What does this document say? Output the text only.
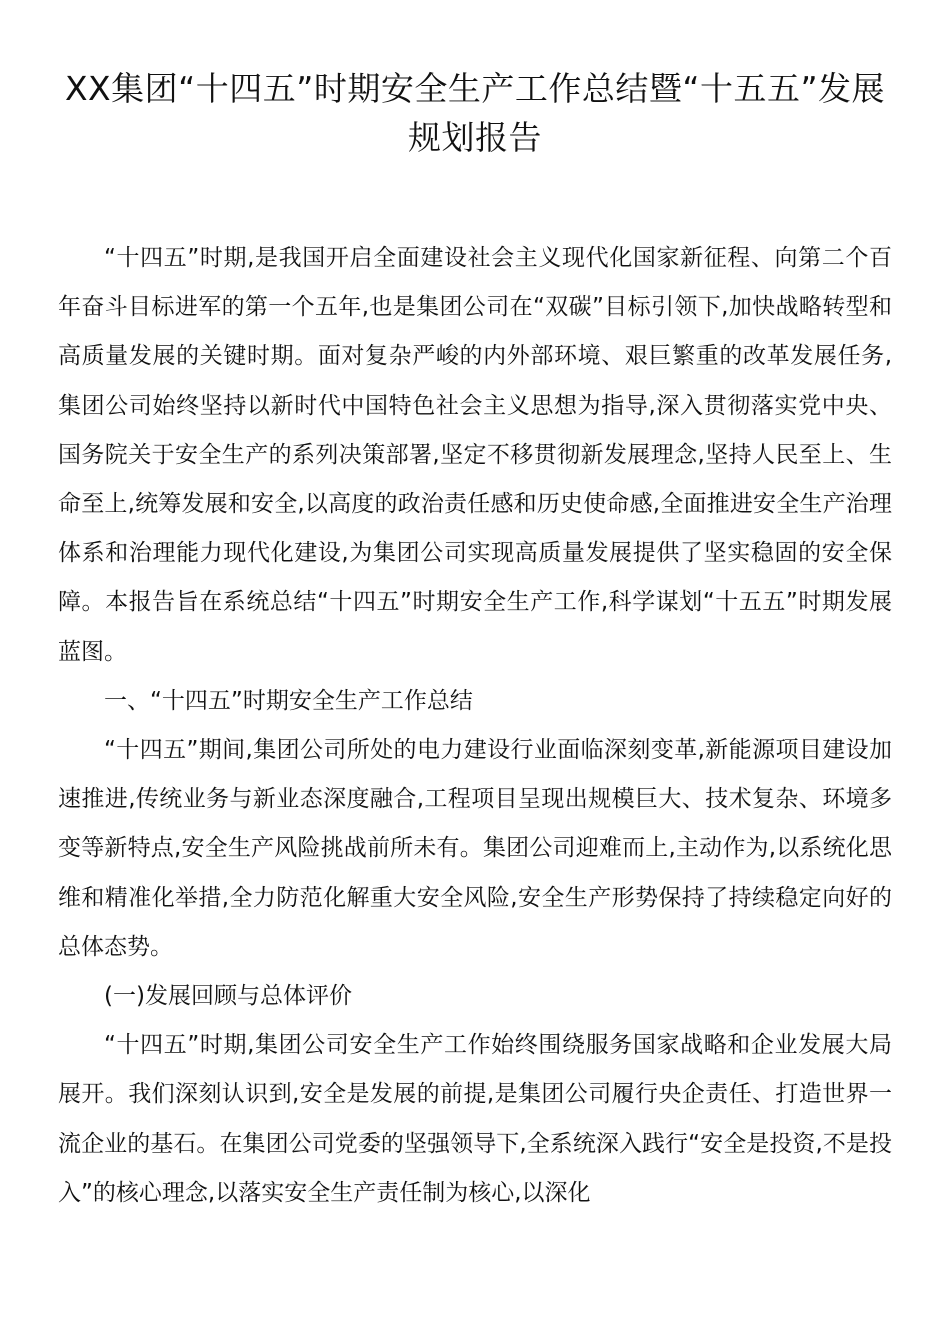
XX集团“十四五”时期安全生产工作总结暨“十五五”发展规划报告

“十四五”时期,是我国开启全面建设社会主义现代化国家新征程、向第二个百年奋斗目标进军的第一个五年,也是集团公司在“双碳”目标引领下,加快战略转型和高质量发展的关键时期。面对复杂严峻的内外部环境、艰巨繁重的改革发展任务,集团公司始终坚持以新时代中国特色社会主义思想为指导,深入贯彻落实党中央、国务院关于安全生产的系列决策部署,坚定不移贯彻新发展理念,坚持人民至上、生命至上,统筹发展和安全,以高度的政治责任感和历史使命感,全面推进安全生产治理体系和治理能力现代化建设,为集团公司实现高质量发展提供了坚实稳固的安全保障。本报告旨在系统总结“十四五”时期安全生产工作,科学谋划“十五五”时期发展蓝图。

一、“十四五”时期安全生产工作总结

“十四五”期间,集团公司所处的电力建设行业面临深刻变革,新能源项目建设加速推进,传统业务与新业态深度融合,工程项目呈现出规模巨大、技术复杂、环境多变等新特点,安全生产风险挑战前所未有。集团公司迎难而上,主动作为,以系统化思维和精准化举措,全力防范化解重大安全风险,安全生产形势保持了持续稳定向好的总体态势。

(一)发展回顾与总体评价

“十四五”时期,集团公司安全生产工作始终围绕服务国家战略和企业发展大局展开。我们深刻认识到,安全是发展的前提,是集团公司履行央企责任、打造世界一流企业的基石。在集团公司党委的坚强领导下,全系统深入践行“安全是投资,不是投入”的核心理念,以落实安全生产责任制为核心,以深化
